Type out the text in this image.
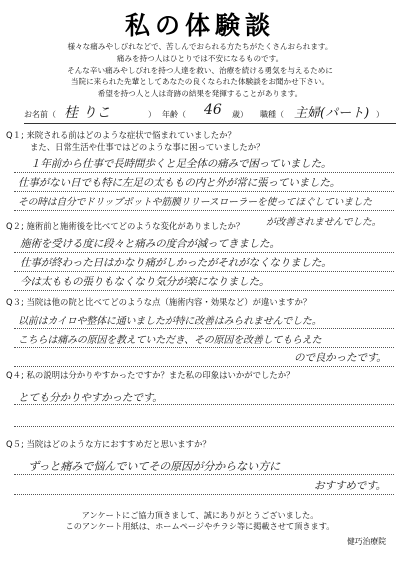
私の体験談
様々な痛みやしびれなどで、苦しんでおられる方たちがたくさんおられます。
痛みを持つ人はひとりでは不安になるものです。
そんな辛い痛みやしびれを持つ人達を救い、治療を続ける勇気を与えるために
当院に来られた先輩としてあなたの良くなられた体験談をお聞かせ下さい。
希望を持つ人と人は奇跡の結果を発揮することがあります。
お名前（ 桂 りこ	） 年齢（ 46 歳） 職種（ 主婦(パート) ）
Q１; 来院される前はどのような症状で悩まれていましたか？
また、日常生活や仕事ではどのような事に困っていましたか？
１年前から仕事で長時間歩くと足全体の痛みで困っていました。
仕事がない日でも特に左足の太ももの内と外が常に張っていました。
その時は自分でドリップポットや筋膜リリースローラーを使ってほぐしていました
が改善されませんでした。
Q２; 施術前と施術後を比べてどのような変化がありましたか？
施術を受ける度に段々と痛みの度合が減ってきました。
仕事が終わった日はかなり痛がしかったがそれがなくなりました。
今は太ももの張りもなくなり気分が楽になりました。
Q３; 当院は他の院と比べてどのような点（施術内容・効果など）が違いますか？
以前はカイロや整体に通いましたが特に改善はみられませんでした。
こちらは痛みの原因を教えていただき、その原因を改善してもらえた
ので良かったです。
Q４; 私の説明は分かりやすかったですか？また私の印象はいかがでしたか？
とても分かりやすかったです。
Q５; 当院はどのような方におすすめだと思いますか？
ずっと痛みで悩んでいてその原因が分からない方に
おすすめです。
アンケートにご協力頂きまして、誠にありがとうございました。
このアンケート用紙は、ホームページやチラシ等に掲載させて頂きます。
健巧治療院
